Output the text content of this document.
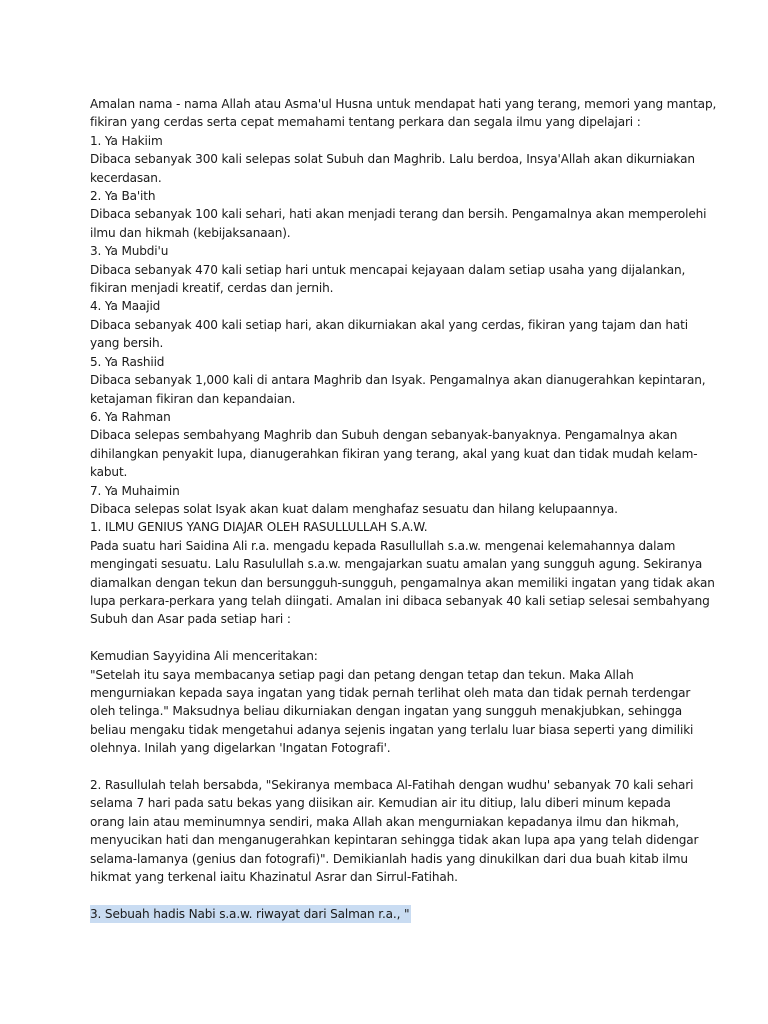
Amalan nama - nama Allah atau Asma'ul Husna untuk mendapat hati yang terang, memori yang mantap,
fikiran yang cerdas serta cepat memahami tentang perkara dan segala ilmu yang dipelajari :
1. Ya Hakiim
Dibaca sebanyak 300 kali selepas solat Subuh dan Maghrib. Lalu berdoa, Insya'Allah akan dikurniakan
kecerdasan.
2. Ya Ba'ith
Dibaca sebanyak 100 kali sehari, hati akan menjadi terang dan bersih. Pengamalnya akan memperolehi
ilmu dan hikmah (kebijaksanaan).
3. Ya Mubdi'u
Dibaca sebanyak 470 kali setiap hari untuk mencapai kejayaan dalam setiap usaha yang dijalankan,
fikiran menjadi kreatif, cerdas dan jernih.
4. Ya Maajid
Dibaca sebanyak 400 kali setiap hari, akan dikurniakan akal yang cerdas, fikiran yang tajam dan hati
yang bersih.
5. Ya Rashiid
Dibaca sebanyak 1,000 kali di antara Maghrib dan Isyak. Pengamalnya akan dianugerahkan kepintaran,
ketajaman fikiran dan kepandaian.
6. Ya Rahman
Dibaca selepas sembahyang Maghrib dan Subuh dengan sebanyak-banyaknya. Pengamalnya akan
dihilangkan penyakit lupa, dianugerahkan fikiran yang terang, akal yang kuat dan tidak mudah kelam-
kabut.
7. Ya Muhaimin
Dibaca selepas solat Isyak akan kuat dalam menghafaz sesuatu dan hilang kelupaannya.
1. ILMU GENIUS YANG DIAJAR OLEH RASULLULLAH S.A.W.
Pada suatu hari Saidina Ali r.a. mengadu kepada Rasullullah s.a.w. mengenai kelemahannya dalam
mengingati sesuatu. Lalu Rasulullah s.a.w. mengajarkan suatu amalan yang sungguh agung. Sekiranya
diamalkan dengan tekun dan bersungguh-sungguh, pengamalnya akan memiliki ingatan yang tidak akan
lupa perkara-perkara yang telah diingati. Amalan ini dibaca sebanyak 40 kali setiap selesai sembahyang
Subuh dan Asar pada setiap hari :
Kemudian Sayyidina Ali menceritakan:
"Setelah itu saya membacanya setiap pagi dan petang dengan tetap dan tekun. Maka Allah
mengurniakan kepada saya ingatan yang tidak pernah terlihat oleh mata dan tidak pernah terdengar
oleh telinga." Maksudnya beliau dikurniakan dengan ingatan yang sungguh menakjubkan, sehingga
beliau mengaku tidak mengetahui adanya sejenis ingatan yang terlalu luar biasa seperti yang dimiliki
olehnya. Inilah yang digelarkan 'Ingatan Fotografi'.
2. Rasullulah telah bersabda, "Sekiranya membaca Al-Fatihah dengan wudhu' sebanyak 70 kali sehari
selama 7 hari pada satu bekas yang diisikan air. Kemudian air itu ditiup, lalu diberi minum kepada
orang lain atau meminumnya sendiri, maka Allah akan mengurniakan kepadanya ilmu dan hikmah,
menyucikan hati dan menganugerahkan kepintaran sehingga tidak akan lupa apa yang telah didengar
selama-lamanya (genius dan fotografi)". Demikianlah hadis yang dinukilkan dari dua buah kitab ilmu
hikmat yang terkenal iaitu Khazinatul Asrar dan Sirrul-Fatihah.
3. Sebuah hadis Nabi s.a.w. riwayat dari Salman r.a., "
